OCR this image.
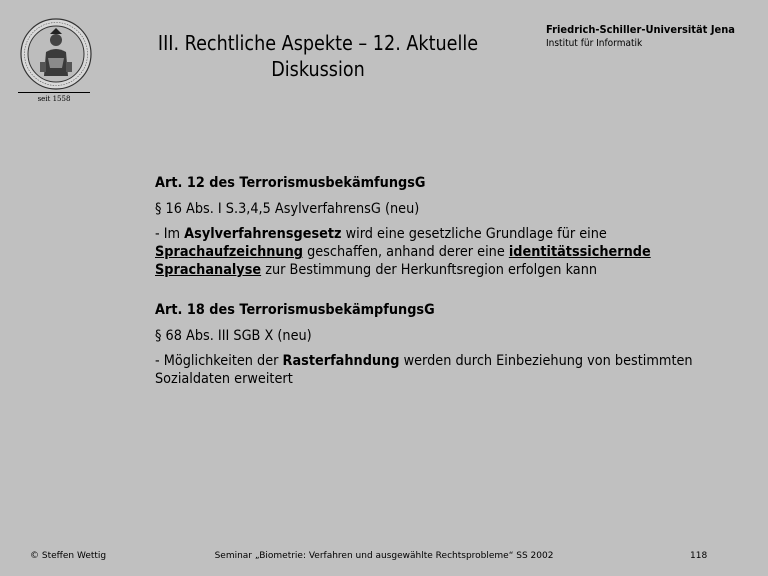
seit 1558
III. Rechtliche Aspekte – 12. Aktuelle Diskussion
Friedrich-Schiller-Universität Jena
Institut für Informatik
Art. 12 des TerrorismusbekämfungsG
§ 16 Abs. I S.3,4,5 AsylverfahrensG (neu)
- Im Asylverfahrensgesetz wird eine gesetzliche Grundlage für eine Sprachaufzeichnung geschaffen, anhand derer eine identitätssichernde Sprachanalyse zur Bestimmung der Herkunftsregion erfolgen kann
Art. 18 des TerrorismusbekämpfungsG
§ 68 Abs. III SGB X (neu)
- Möglichkeiten der Rasterfahndung werden durch Einbeziehung von bestimmten Sozialdaten erweitert
© Steffen Wettig	Seminar „Biometrie: Verfahren und ausgewählte Rechtsprobleme“ SS 2002	118
